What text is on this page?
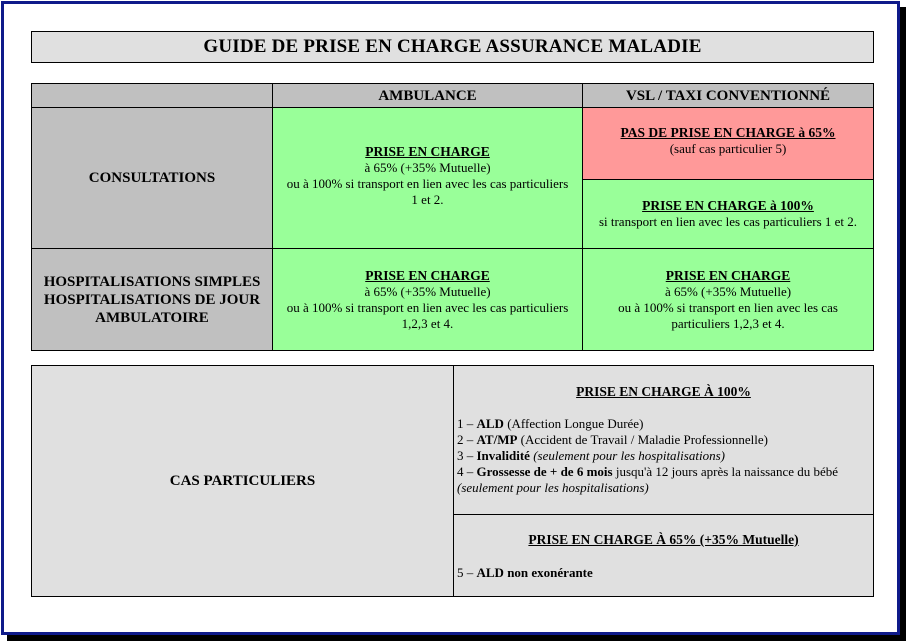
GUIDE DE PRISE EN CHARGE ASSURANCE MALADIE
AMBULANCE	VSL / TAXI CONVENTIONNÉ
CONSULTATIONS
PRISE EN CHARGE
à 65% (+35% Mutuelle)
ou à 100% si transport en lien avec les cas particuliers
1 et 2.
PAS DE PRISE EN CHARGE à 65%
(sauf cas particulier 5)
PRISE EN CHARGE à 100%
si transport en lien avec les cas particuliers 1 et 2.
HOSPITALISATIONS SIMPLES
HOSPITALISATIONS DE JOUR
AMBULATOIRE
PRISE EN CHARGE
à 65% (+35% Mutuelle)
ou à 100% si transport en lien avec les cas particuliers
1,2,3 et 4.
PRISE EN CHARGE
à 65% (+35% Mutuelle)
ou à 100% si transport en lien avec les cas
particuliers 1,2,3 et 4.
CAS PARTICULIERS
PRISE EN CHARGE À 100%
1 – ALD (Affection Longue Durée)
2 – AT/MP (Accident de Travail / Maladie Professionnelle)
3 – Invalidité (seulement pour les hospitalisations)
4 – Grossesse de + de 6 mois jusqu'à 12 jours après la naissance du bébé
(seulement pour les hospitalisations)
PRISE EN CHARGE À 65% (+35% Mutuelle)
5 – ALD non exonérante
